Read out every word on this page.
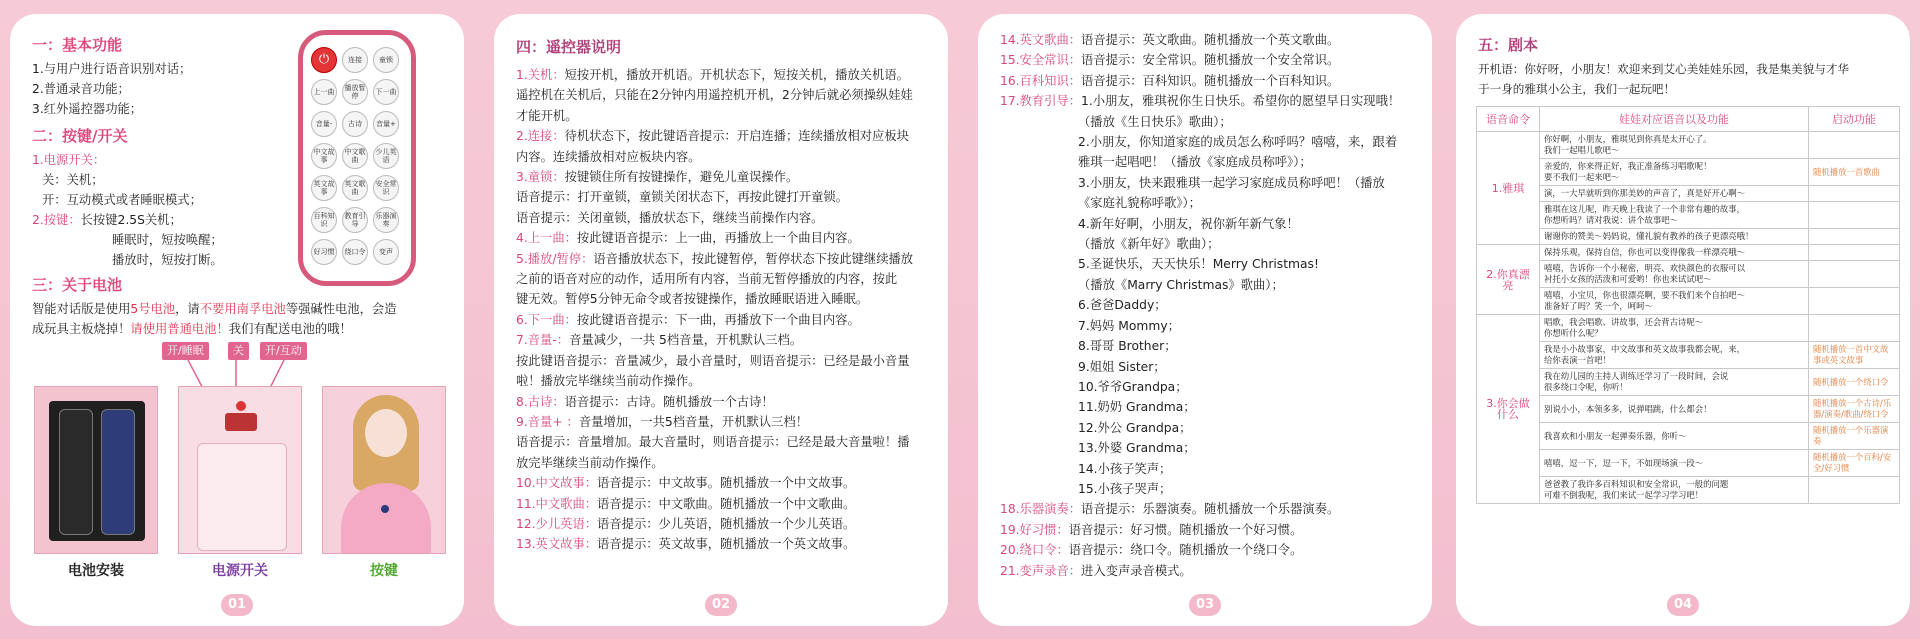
一：基本功能
1.与用户进行语音识别对话；
2.普通录音功能；
3.红外遥控器功能；
二：按键/开关
1.电源开关：
关：关机；
开：互动模式或者睡眠模式；
2.按键：长按键2.5S关机；
睡眠时，短按唤醒；
播放时，短按打断。
三：关于电池
智能对话版是使用5号电池，请不要用南孚电池等强碱性电池，会造
成玩具主板烧掉！请使用普通电池！我们有配送电池的哦！
⏻	连接	童锁
上一曲	播放暂停	下一曲
音量-	古诗	音量+
中文故事
中文歌曲
少儿英语
英文故事
英文歌曲
安全常识
百科知识
教育引导
乐器演奏
好习惯	绕口令	变声
开/睡眠	关	开/互动
电池安装	电源开关	按键
01
四：遥控器说明
1.关机：短按开机，播放开机语。开机状态下，短按关机，播放关机语。
遥控机在关机后，只能在2分钟内用遥控机开机，2分钟后就必须操纵娃娃
才能开机。
2.连接：待机状态下，按此键语音提示：开启连播；连续播放相对应板块
内容。连续播放相对应板块内容。
3.童锁：按键锁住所有按键操作，避免儿童误操作。
语音提示：打开童锁，童锁关闭状态下，再按此键打开童锁。
语音提示：关闭童锁，播放状态下，继续当前操作内容。
4.上一曲：按此键语音提示：上一曲，再播放上一个曲目内容。
5.播放/暂停：语音播放状态下，按此键暂停，暂停状态下按此键继续播放
之前的语音对应的动作，适用所有内容，当前无暂停播放的内容，按此
键无效。暂停5分钟无命令或者按键操作，播放睡眠语进入睡眠。
6.下一曲：按此键语音提示：下一曲，再播放下一个曲目内容。
7.音量-：音量减少，一共 5档音量，开机默认三档。
按此键语音提示：音量减少，最小音量时，则语音提示：已经是最小音量
啦！播放完毕继续当前动作操作。
8.古诗：语音提示：古诗。随机播放一个古诗！
9.音量+ ：音量增加，一共5档音量，开机默认三档！
语音提示：音量增加。最大音量时，则语音提示：已经是最大音量啦！播
放完毕继续当前动作操作。
10.中文故事：语音提示：中文故事。随机播放一个中文故事。
11.中文歌曲：语音提示：中文歌曲。随机播放一个中文歌曲。
12.少儿英语：语音提示：少儿英语，随机播放一个少儿英语。
13.英文故事：语音提示：英文故事，随机播放一个英文故事。
02
14.英文歌曲：语音提示：英文歌曲。随机播放一个英文歌曲。
15.安全常识：语音提示：安全常识。随机播放一个安全常识。
16.百科知识：语音提示：百科知识。随机播放一个百科知识。
17.教育引导：1.小朋友，雅琪祝你生日快乐。希望你的愿望早日实现哦！
（播放《生日快乐》歌曲）；
2.小朋友，你知道家庭的成员怎么称呼吗？嘻嘻，来，跟着
雅琪一起唱吧！（播放《家庭成员称呼》）；
3.小朋友，快来跟雅琪一起学习家庭成员称呼吧！（播放
《家庭礼貌称呼歌》）；
4.新年好啊，小朋友，祝你新年新气象！
（播放《新年好》歌曲）；
5.圣诞快乐，天天快乐！Merry Christmas!
（播放《Marry Christmas》歌曲）；
6.爸爸Daddy；
7.妈妈 Mommy；
8.哥哥 Brother；
9.姐姐 Sister；
10.爷爷Grandpa；
11.奶奶 Grandma；
12.外公 Grandpa；
13.外婆 Grandma；
14.小孩子笑声；
15.小孩子哭声；
18.乐器演奏：语音提示：乐器演奏。随机播放一个乐器演奏。
19.好习惯：语音提示：好习惯。随机播放一个好习惯。
20.绕口令：语音提示：绕口令。随机播放一个绕口令。
21.变声录音：进入变声录音模式。
03
五：剧本
开机语：你好呀，小朋友！欢迎来到艾心美娃娃乐园，我是集美貌与才华
于一身的雅琪小公主，我们一起玩吧！
语音命令	娃娃对应语音以及功能	启动功能
1.雅琪	你好啊，小朋友，雅琪见到你真是太开心了。
我们一起唱儿歌吧～	
	亲爱的，你来得正好，我正准备练习唱歌呢！
要不我们一起来吧～	随机播放一首歌曲
	演，一大早就听到你那美妙的声音了，真是好开心啊～	
	雅琪在这儿呢，昨天晚上我读了一个非常有趣的故事，
你想听吗？请对我说：讲个故事吧～	
	谢谢你的赞美～妈妈说，懂礼貌有教养的孩子更漂亮哦！	
2.你真漂亮	保持乐观，保持自信，你也可以变得像我一样漂亮哦～	
	嘻嘻，告诉你一个小秘密，明亮、欢快颜色的衣服可以
衬托小女孩的活泼和可爱哟！你也来试试吧～	
	嘻嘻，小宝贝，你也很漂亮啊，要不我们来个自拍吧～
准备好了吗？笑一个，呵呵～	
3.你会做什么	唱歌，我会唱歌、讲故事，还会背古诗呢～
你想听什么呢？	
	我是小小故事家，中文故事和英文故事我都会呢，来，
给你表演一首吧！	随机播放一首中文故事或英文故事
	我在幼儿园的主持人训练还学习了一段时间，会说
很多绕口令呢，你听！	随机播放一个绕口令
	别说小小，本领多多，说弹唱跳，什么都会！	随机播放一个古诗/乐器/演奏/歌曲/绕口令
	我喜欢和小朋友一起弹奏乐器，你听～	随机播放一个乐器演奏
	嘻嘻，逗一下，逗一下，不如现场演一段～	随机播放一个百科/安全/好习惯
	爸爸教了我许多百科知识和安全常识，一般的问题
可难不倒我呢，我们来试一起学习学习吧！	
04
